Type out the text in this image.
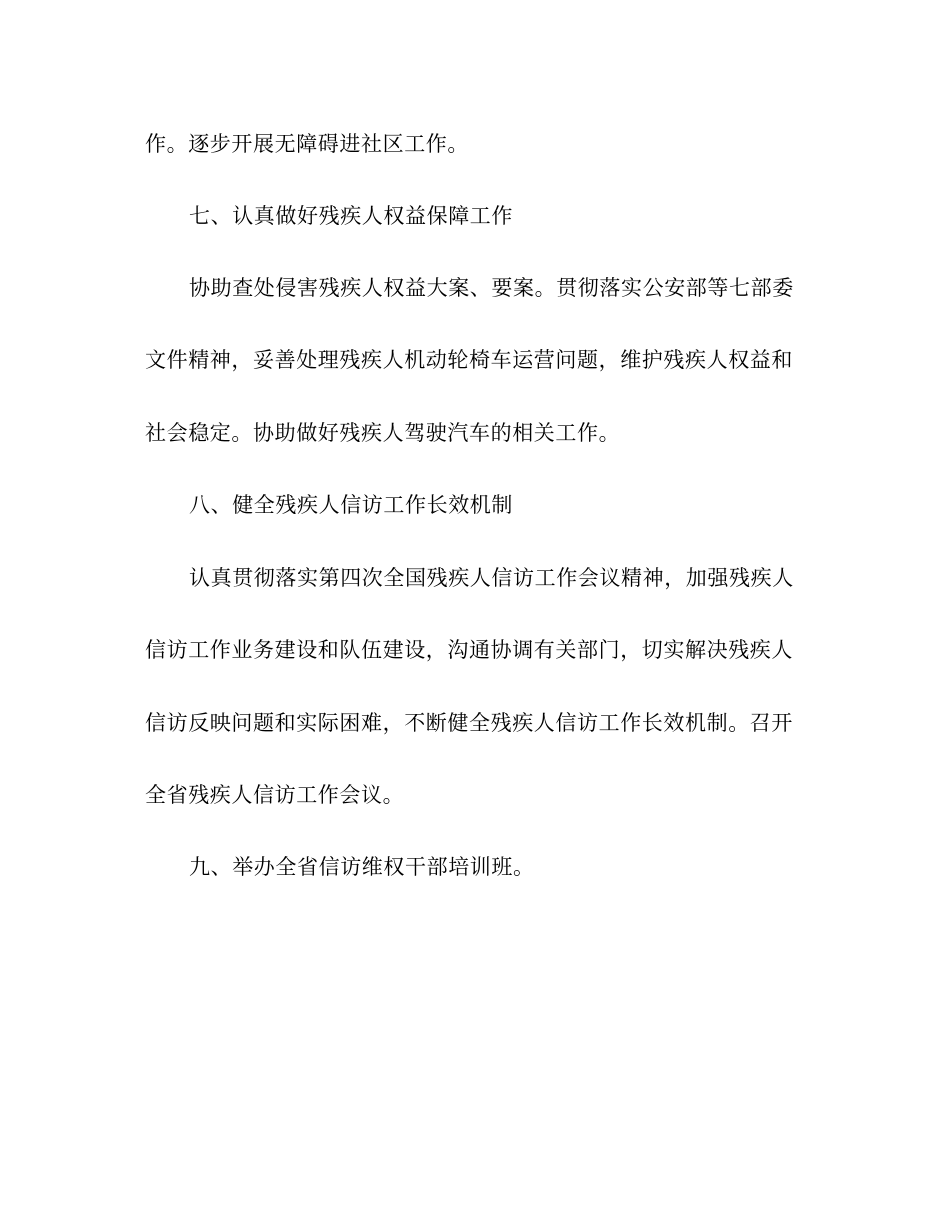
作。逐步开展无障碍进社区工作。
七、认真做好残疾人权益保障工作
协助查处侵害残疾人权益大案、要案。贯彻落实公安部等七部委
文件精神，妥善处理残疾人机动轮椅车运营问题，维护残疾人权益和
社会稳定。协助做好残疾人驾驶汽车的相关工作。
八、健全残疾人信访工作长效机制
认真贯彻落实第四次全国残疾人信访工作会议精神，加强残疾人
信访工作业务建设和队伍建设，沟通协调有关部门，切实解决残疾人
信访反映问题和实际困难，不断健全残疾人信访工作长效机制。召开
全省残疾人信访工作会议。
九、举办全省信访维权干部培训班。
